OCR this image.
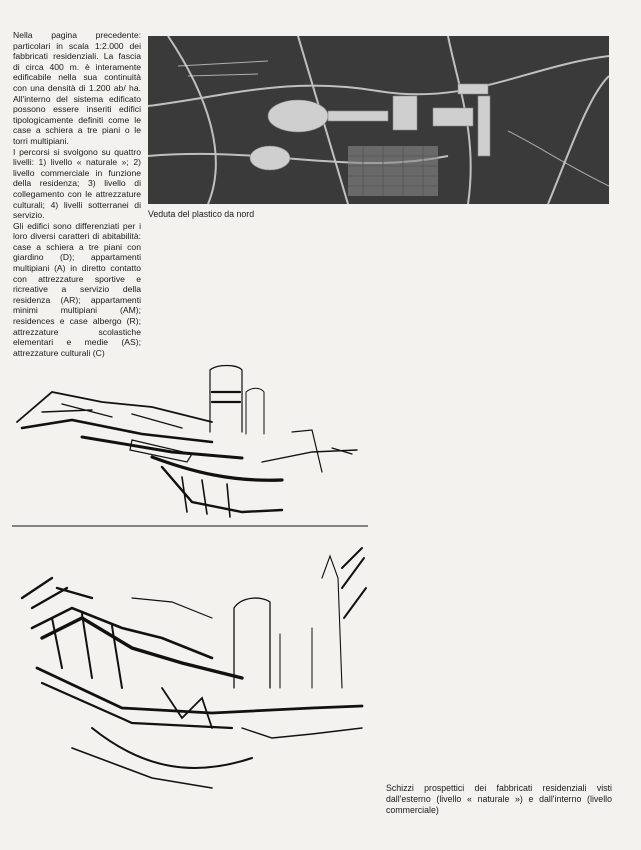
Nella pagina precedente: particolari in scala 1:2.000 dei fabbricati residenziali. La fascia di circa 400 m. è interamente edificabile nella sua continuità con una densità di 1.200 ab/ ha. All'interno del sistema edificato possono essere inseriti edifici tipologicamente definiti come le case a schiera a tre piani o le torri multipiani.
I percorsi si svolgono su quattro livelli: 1) livello « naturale »; 2) livello commerciale in funzione della residenza; 3) livello di collegamento con le attrezzature culturali; 4) livelli sotterranei di servizio.
Gli edifici sono differenziati per i loro diversi caratteri di abitabilità: case a schiera a tre piani con giardino (D); appartamenti multipiani (A) in diretto contatto con attrezzature sportive e ricreative a servizio della residenza (AR); appartamenti minimi multipiani (AM); residences e case albergo (R); attrezzature scolastiche elementari e medie (AS); attrezzature culturali (C)
Veduta del plastico da nord
Schizzi prospettici dei fabbricati residenziali visti dall'esterno (livello « naturale ») e dall'interno (livello commerciale)
